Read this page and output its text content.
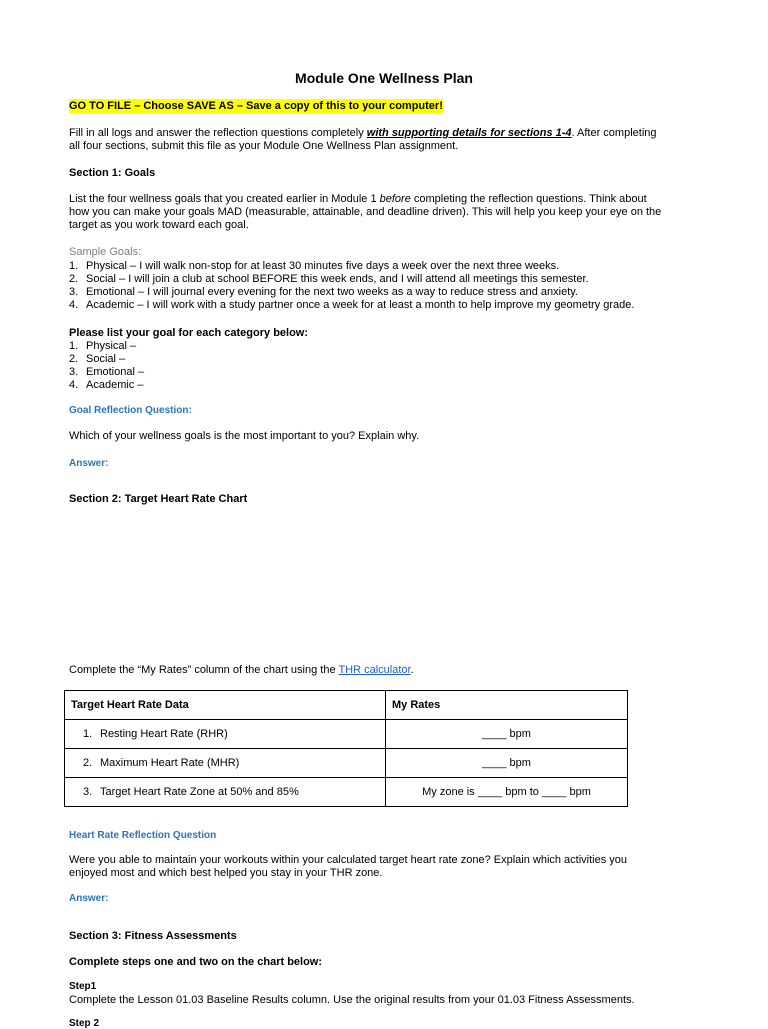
Module One Wellness Plan
GO TO FILE – Choose SAVE AS – Save a copy of this to your computer!
Fill in all logs and answer the reflection questions completely with supporting details for sections 1-4. After completing
all four sections, submit this file as your Module One Wellness Plan assignment.
Section 1: Goals
List the four wellness goals that you created earlier in Module 1 before completing the reflection questions. Think about
how you can make your goals MAD (measurable, attainable, and deadline driven). This will help you keep your eye on the
target as you work toward each goal.
Sample Goals:
1. Physical – I will walk non-stop for at least 30 minutes five days a week over the next three weeks.
2. Social – I will join a club at school BEFORE this week ends, and I will attend all meetings this semester.
3. Emotional – I will journal every evening for the next two weeks as a way to reduce stress and anxiety.
4. Academic – I will work with a study partner once a week for at least a month to help improve my geometry grade.
Please list your goal for each category below:
1. Physical –
2. Social –
3. Emotional –
4. Academic –
Goal Reflection Question:
Which of your wellness goals is the most important to you? Explain why.
Answer:
Section 2: Target Heart Rate Chart
Complete the “My Rates” column of the chart using the THR calculator.
Target Heart Rate Data	My Rates
1. Resting Heart Rate (RHR)	____ bpm
2. Maximum Heart Rate (MHR)	____ bpm
3. Target Heart Rate Zone at 50% and 85%	My zone is ____ bpm to ____ bpm
Heart Rate Reflection Question
Were you able to maintain your workouts within your calculated target heart rate zone? Explain which activities you
enjoyed most and which best helped you stay in your THR zone.
Answer:
Section 3: Fitness Assessments
Complete steps one and two on the chart below:
Step1
Complete the Lesson 01.03 Baseline Results column. Use the original results from your 01.03 Fitness Assessments.
Step 2
